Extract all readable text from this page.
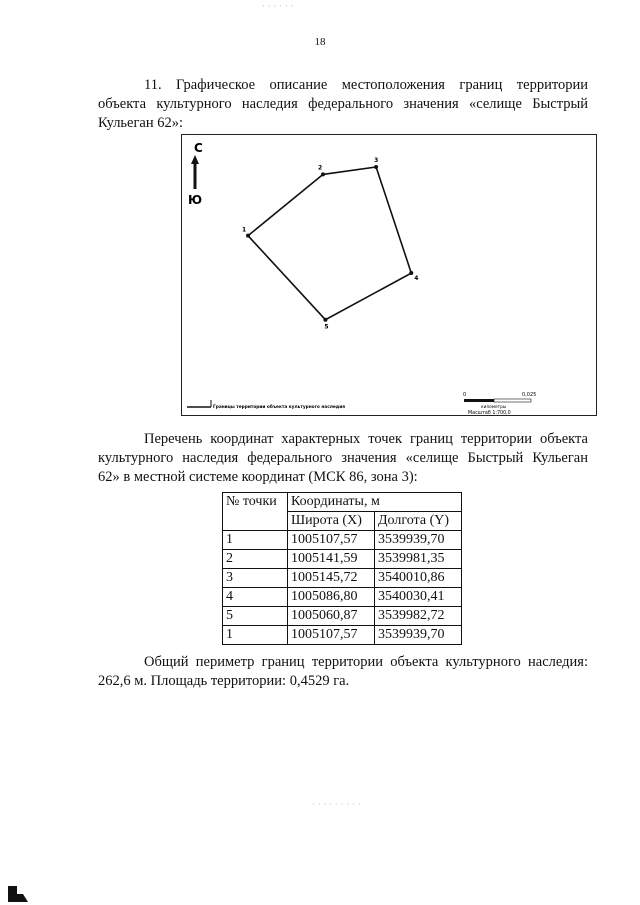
· · · · · ·
18
11. Графическое описание местоположения границ территории
объекта культурного наследия федерального значения «селище Быстрый
Кульеган 62»:
С
Ю
1
2
3
4
5
Границы территории объекта культурного наследия
0	0,025
километры
Масштаб 1:700,0
Перечень координат характерных точек границ территории объекта
культурного наследия федерального значения «селище Быстрый Кульеган
62» в местной системе координат (МСК 86, зона 3):
№ точки	Координаты, м	
	Широта (X)	Долгота (Y)
1	1005107,57	3539939,70
2	1005141,59	3539981,35
3	1005145,72	3540010,86
4	1005086,80	3540030,41
5	1005060,87	3539982,72
1	1005107,57	3539939,70
Общий периметр границ территории объекта культурного наследия:
262,6 м. Площадь территории: 0,4529 га.
· · · · · · · · ·
